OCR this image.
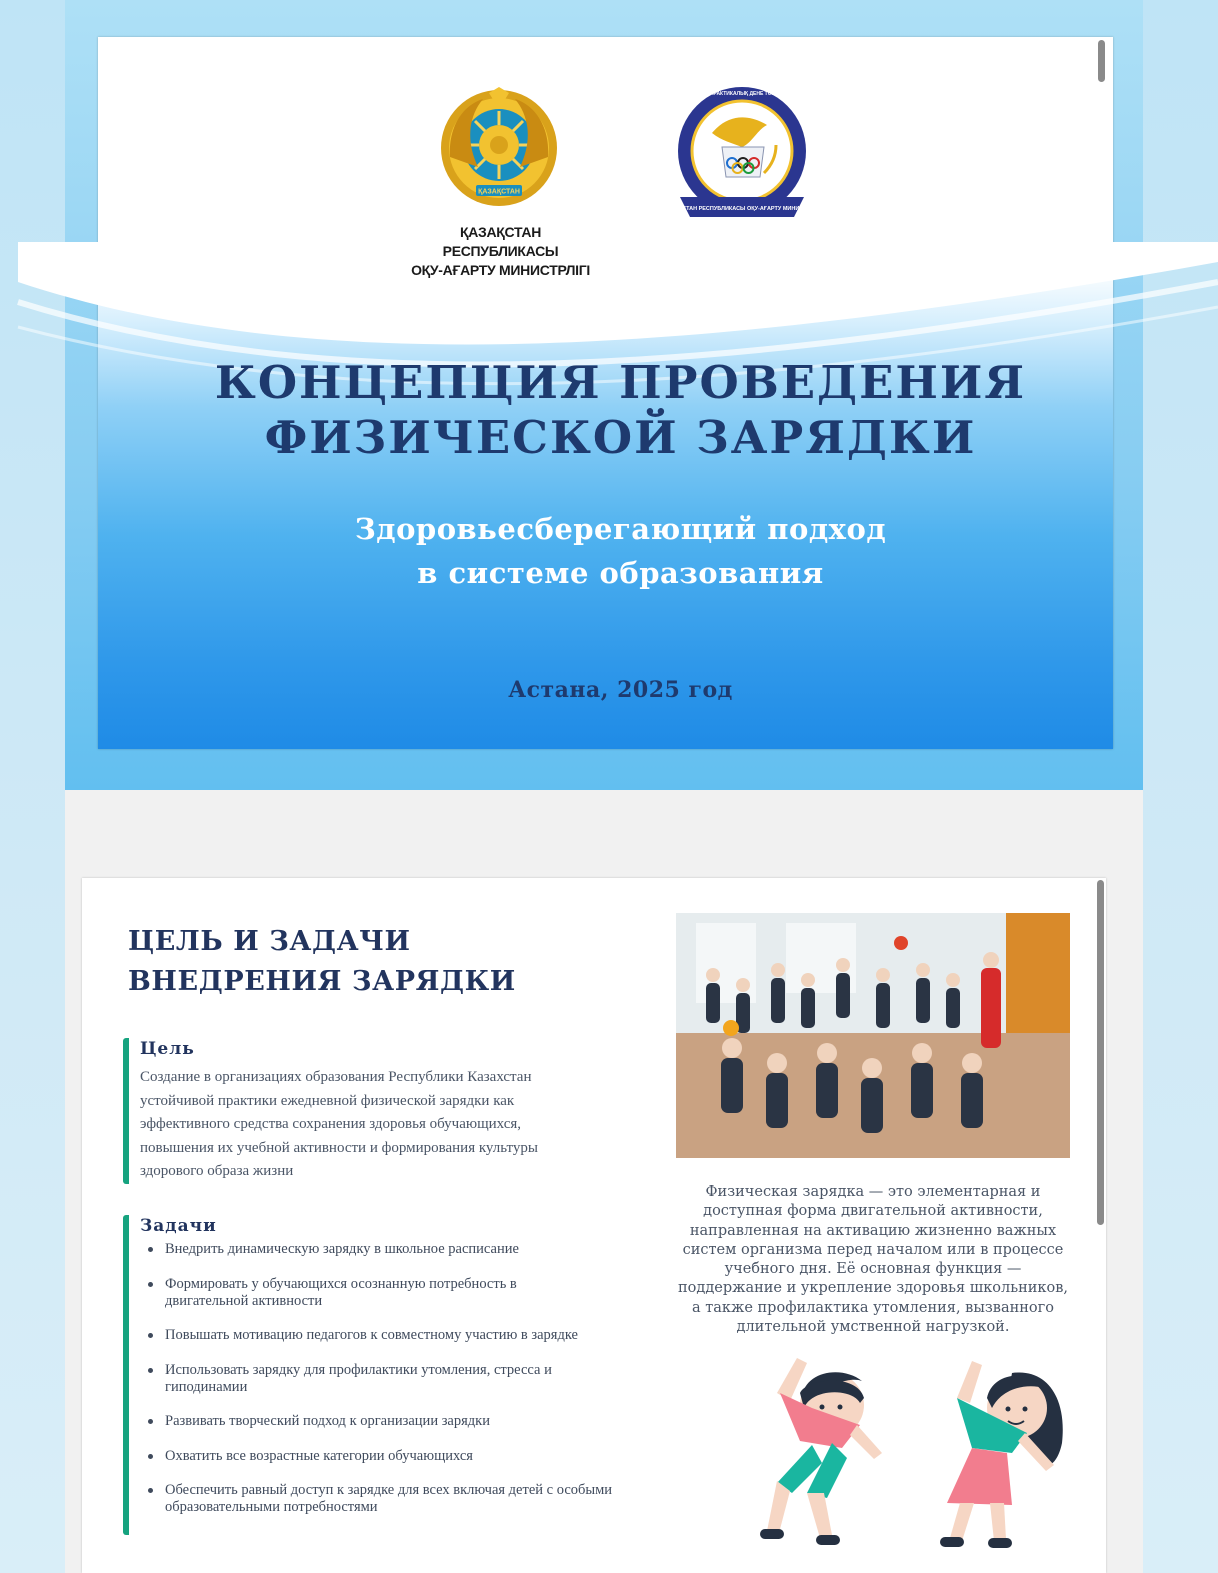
ҚАЗАҚСТАН
ҚАЗАҚСТАН РЕСПУБЛИКАСЫ
ОҚУ-АҒАРТУ МИНИСТРЛІГІ
ҚАЗАҚСТАН РЕСПУБЛИКАСЫ ОҚУ-АҒАРТУ МИНИСТРЛІГІ
ҰЛТТЫҚ ҒЫЛЫМИ-ПРАКТИКАЛЫҚ ДЕНЕ ТӘРБИЕСІ ОРТАЛЫҒЫ
КОНЦЕПЦИЯ ПРОВЕДЕНИЯ
ФИЗИЧЕСКОЙ ЗАРЯДКИ
Здоровьесберегающий подход
в системе образования
Астана, 2025 год
ЦЕЛЬ И ЗАДАЧИ
ВНЕДРЕНИЯ ЗАРЯДКИ
Цель
Создание в организациях образования Республики Казахстан
устойчивой практики ежедневной физической зарядки как
эффективного средства сохранения здоровья обучающихся,
повышения их учебной активности и формирования культуры
здорового образа жизни
Задачи
Внедрить динамическую зарядку в школьное расписание
Формировать у обучающихся осознанную потребность в двигательной активности
Повышать мотивацию педагогов к совместному участию в зарядке
Использовать зарядку для профилактики утомления, стресса и гиподинамии
Развивать творческий подход к организации зарядки
Охватить все возрастные категории обучающихся
Обеспечить равный доступ к зарядке для всех включая детей с особыми образовательными потребностями
Физическая зарядка — это элементарная и
доступная форма двигательной активности,
направленная на активацию жизненно важных
систем организма перед началом или в процессе
учебного дня. Её основная функция —
поддержание и укрепление здоровья школьников,
а также профилактика утомления, вызванного
длительной умственной нагрузкой.
